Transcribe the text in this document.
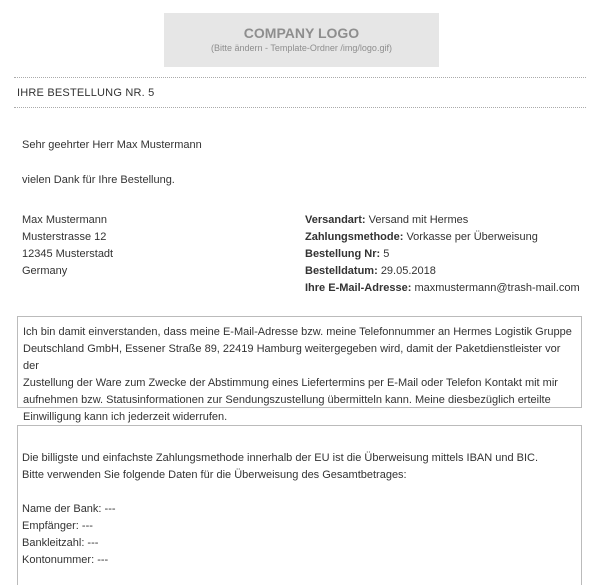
COMPANY LOGO
(Bitte ändern - Template-Ordner /img/logo.gif)
IHRE BESTELLUNG NR. 5
Sehr geehrter Herr Max Mustermann
vielen Dank für Ihre Bestellung.
Max Mustermann
Musterstrasse 12
12345 Musterstadt
Germany
Versandart: Versand mit Hermes
Zahlungsmethode: Vorkasse per Überweisung
Bestellung Nr: 5
Bestelldatum: 29.05.2018
Ihre E-Mail-Adresse: maxmustermann@trash-mail.com
Ich bin damit einverstanden, dass meine E-Mail-Adresse bzw. meine Telefonnummer an Hermes Logistik Gruppe
Deutschland GmbH, Essener Straße 89, 22419 Hamburg weitergegeben wird, damit der Paketdienstleister vor der
Zustellung der Ware zum Zwecke der Abstimmung eines Liefertermins per E-Mail oder Telefon Kontakt mit mir
aufnehmen bzw. Statusinformationen zur Sendungszustellung übermitteln kann. Meine diesbezüglich erteilte
Einwilligung kann ich jederzeit widerrufen.
Die billigste und einfachste Zahlungsmethode innerhalb der EU ist die Überweisung mittels IBAN und BIC.
Bitte verwenden Sie folgende Daten für die Überweisung des Gesamtbetrages:
Name der Bank: ---
Empfänger: ---
Bankleitzahl: ---
Kontonummer: ---
